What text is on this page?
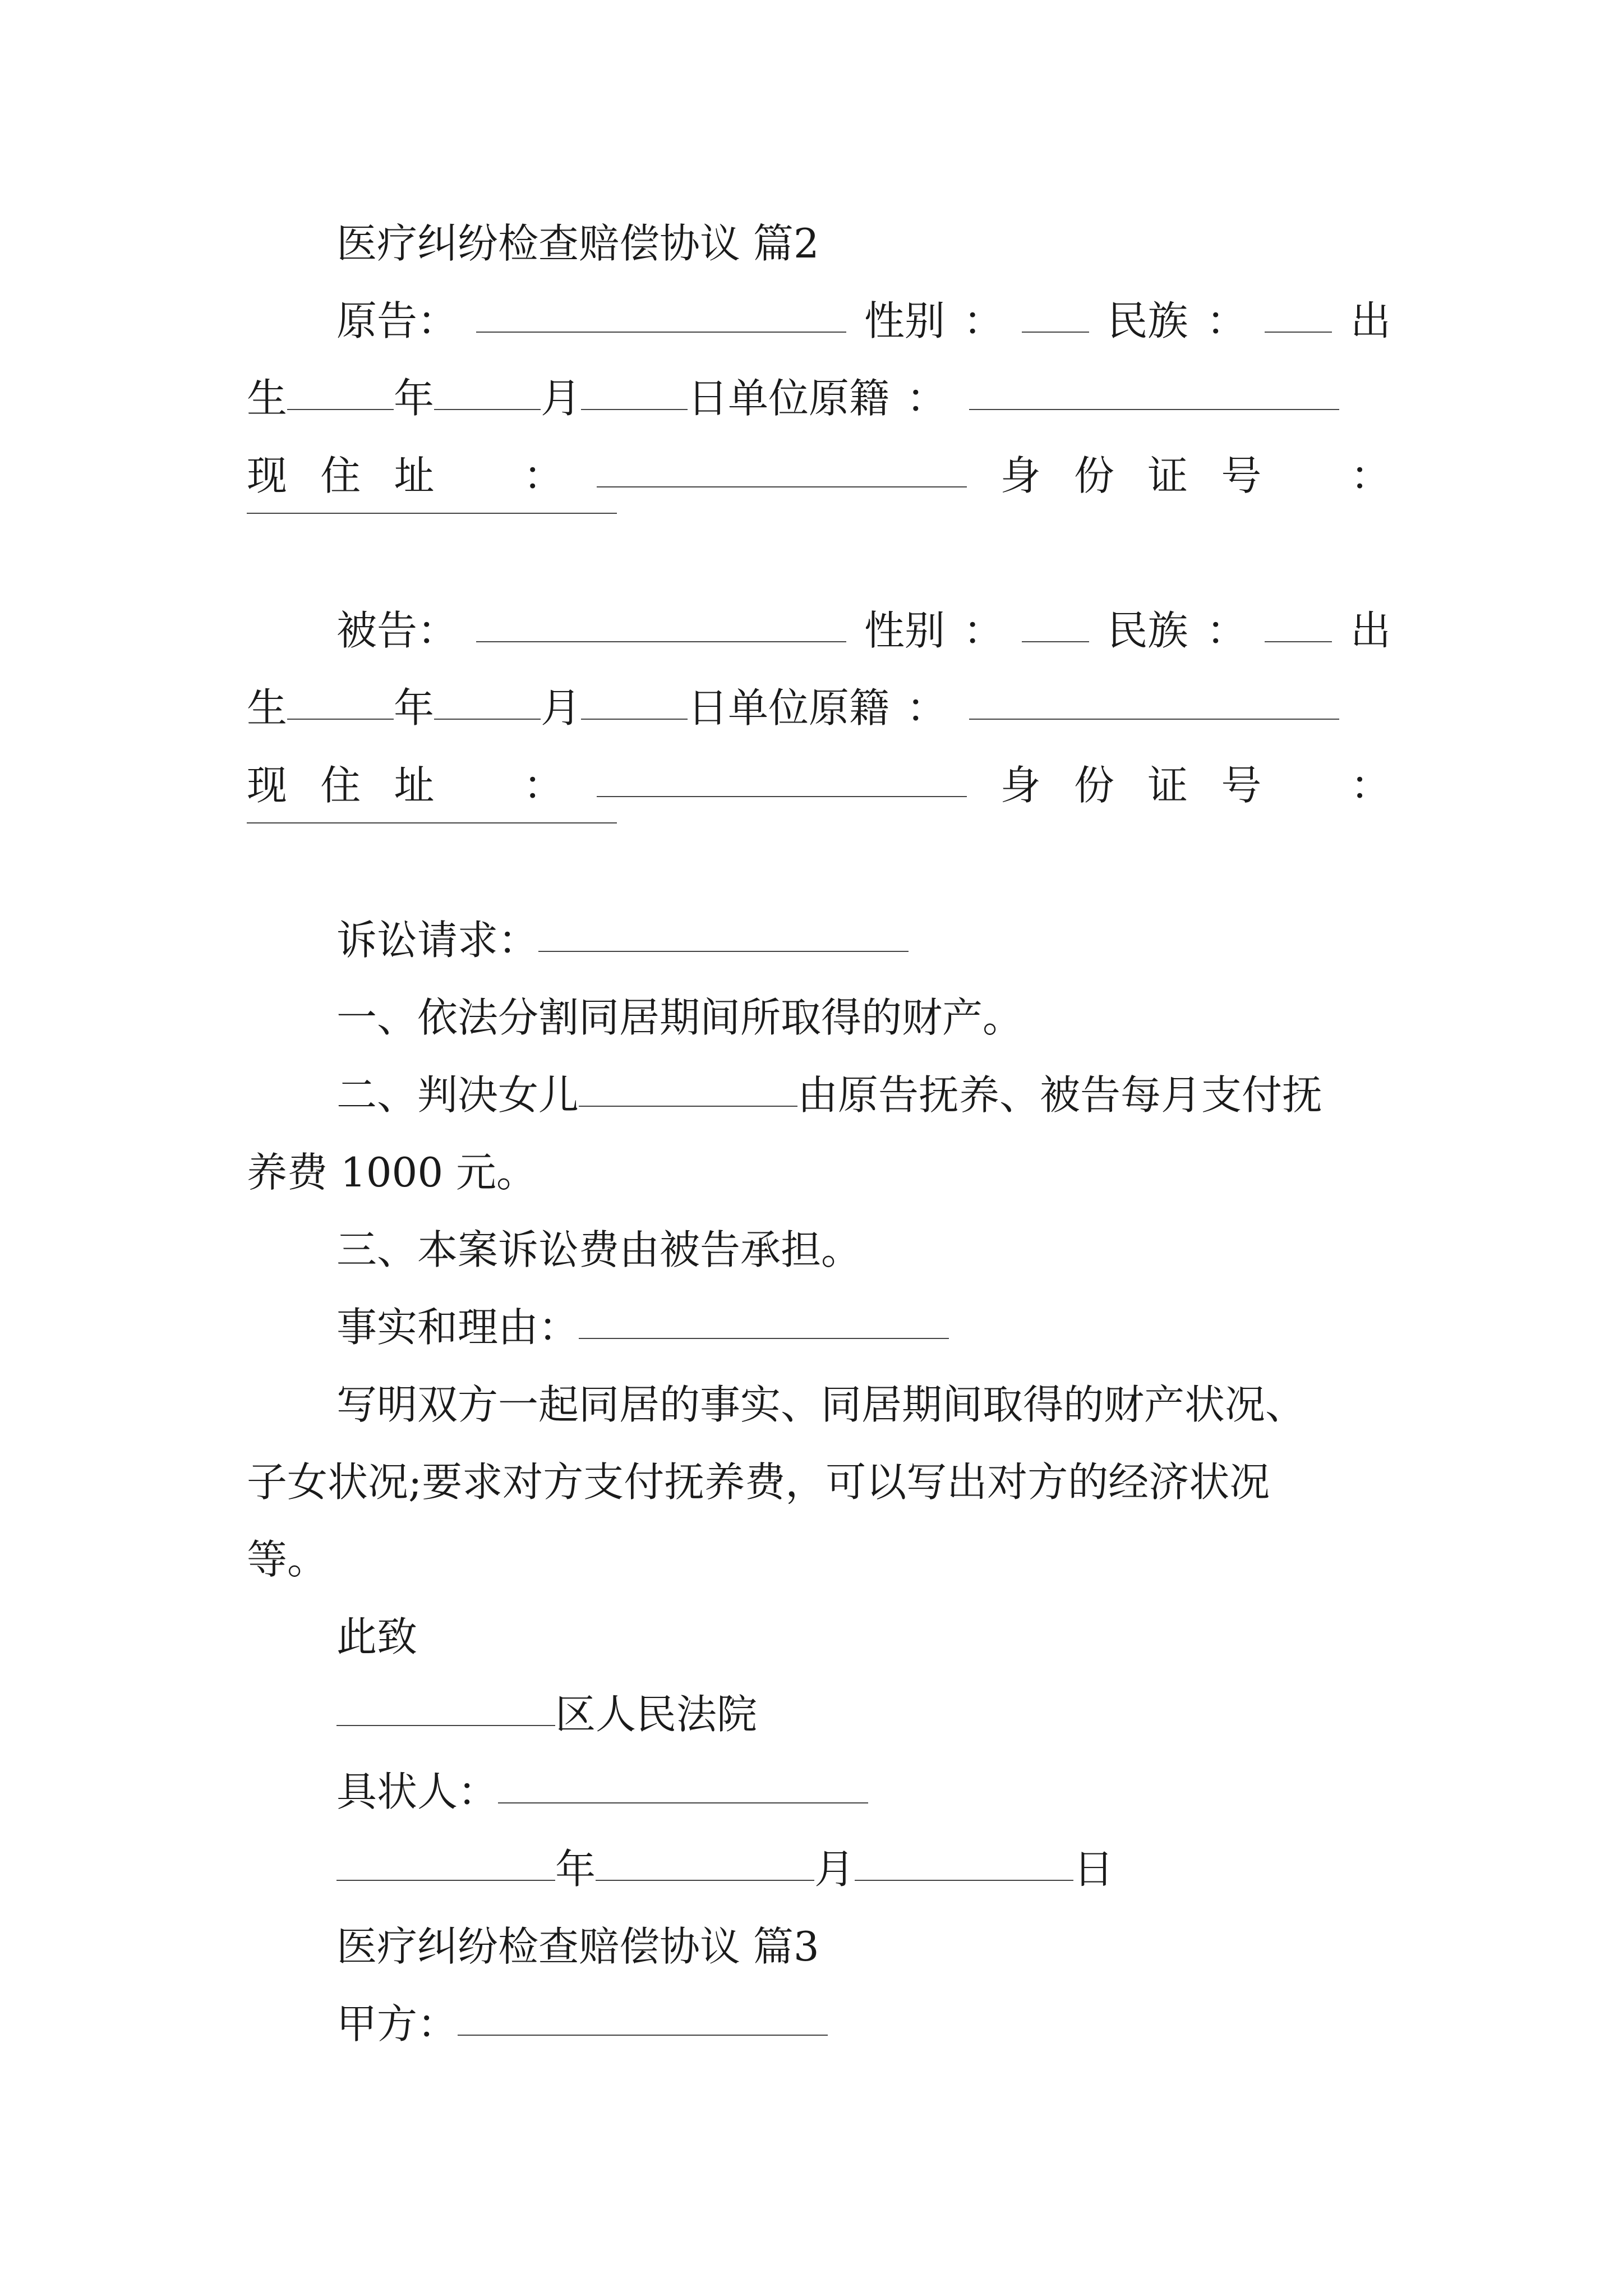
医疗纠纷检查赔偿协议 篇2
原告：	性别 ：	民族 ：	出
生	年	月	日单位原籍 ：
现 住 址 ：	身 份 证 号 ：
被告：	性别 ：	民族 ：	出
生	年	月	日单位原籍 ：
现 住 址 ：	身 份 证 号 ：
诉讼请求：
一、依法分割同居期间所取得的财产。
二、判决女儿	由原告抚养、被告每月支付抚
养费 1000 元。
三、本案诉讼费由被告承担。
事实和理由：
写明双方一起同居的事实、同居期间取得的财产状况、
子女状况;要求对方支付抚养费，可以写出对方的经济状况
等。
此致
区人民法院
具状人：
年	月	日
医疗纠纷检查赔偿协议 篇3
甲方：
